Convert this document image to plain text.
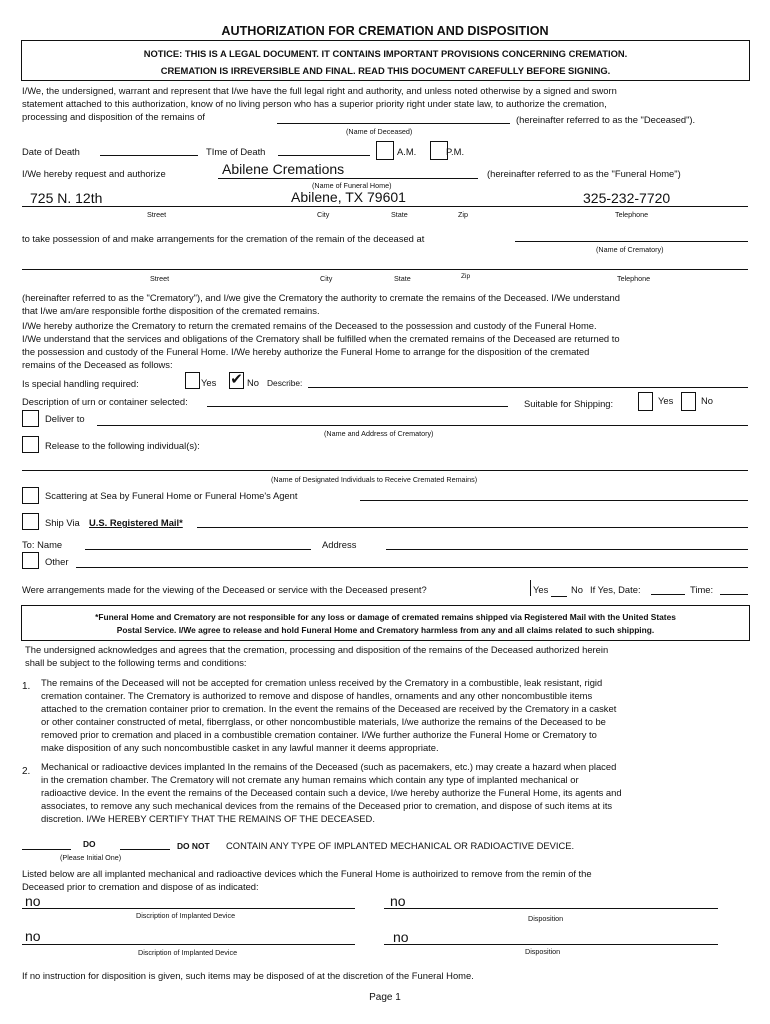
AUTHORIZATION FOR CREMATION AND DISPOSITION
NOTICE: THIS IS A LEGAL DOCUMENT. IT CONTAINS IMPORTANT PROVISIONS CONCERNING CREMATION.
CREMATION IS IRREVERSIBLE AND FINAL. READ THIS DOCUMENT CAREFULLY BEFORE SIGNING.
I/We, the undersigned, warrant and represent that I/we have the full legal right and authority, and unless noted otherwise by a signed and sworn
statement attached to this authorization, know of no living person who has a superior priority right under state law, to authorize the cremation,
processing and disposition of the remains of	(hereinafter referred to as the "Deceased").
(Name of Deceased)
Date of Death	TIme of Death	A.M.	P.M.
I/We hereby request and authorize	Abilene Cremations	(hereinafter referred to as the "Funeral Home")
(Name of Funeral Home)
725 N. 12th	Abilene, TX 79601	325-232-7720
Street	City	State	Zip	Telephone
to take possession of and make arrangements for the cremation of the remain of the deceased at
(Name of Crematory)
Street	City	State	Zip	Telephone
(hereinafter referred to as the "Crematory"), and I/we give the Crematory the authority to cremate the remains of the Deceased. I/We understand
that I/we am/are responsible forthe disposition of the cremated remains.
I/We hereby authorize the Crematory to return the cremated remains of the Deceased to the possession and custody of the Funeral Home.
I/We understand that the services and obligations of the Crematory shall be fulfilled when the cremated remains of the Deceased are returned to
the possession and custody of the Funeral Home. I/We hereby authorize the Funeral Home to arrange for the disposition of the cremated
remains of the Deceased as follows:
Is special handling required:	Yes ✔ No Describe:
Description of urn or container selected:	Suitable for Shipping:	Yes	No
Deliver to
(Name and Address of Crematory)
Release to the following individual(s):
(Name of Designated Individuals to Receive Cremated Remains)
Scattering at Sea by Funeral Home or Funeral Home's Agent
Ship Via U.S. Registered Mail*
To: Name	Address
Other
Were arrangements made for the viewing of the Deceased or service with the Deceased present?	Yes No If Yes, Date:	Time:
*Funeral Home and Crematory are not responsible for any loss or damage of cremated remains shipped via Registered Mail with the United States
Postal Service. I/We agree to release and hold Funeral Home and Crematory harmless from any and all claims related to such shipping.
The undersigned acknowledges and agrees that the cremation, processing and disposition of the remains of the Deceased authorized herein
shall be subject to the following terms and conditions:
1. The remains of the Deceased will not be accepted for cremation unless received by the Crematory in a combustible, leak resistant, rigid
cremation container. The Crematory is authorized to remove and dispose of handles, ornaments and any other noncombustible items
attached to the cremation container prior to cremation. In the event the remains of the Deceased are received by the Crematory in a casket
or other container constructed of metal, fiberrglass, or other noncombustible materials, I/we authorize the remains of the Deceased to be
removed prior to cremation and placed in a combustible cremation container. I/We further authorize the Funeral Home or Crematory to
make disposition of any such noncombustible casket in any lawful manner it deems appropriate.
2. Mechanical or radioactive devices implanted In the remains of the Deceased (such as pacemakers, etc.) may create a hazard when placed
in the cremation chamber. The Crematory will not cremate any human remains which contain any type of implanted mechanical or
radioactive device. In the event the remains of the Deceased contain such a device, I/we hereby authorize the Funeral Home, its agents and
associates, to remove any such mechanical devices from the remains of the Deceased prior to cremation, and dispose of such items at its
discretion. I/We HEREBY CERTIFY THAT THE REMAINS OF THE DECEASED.
DO	DO NOT CONTAIN ANY TYPE OF IMPLANTED MECHANICAL OR RADIOACTIVE DEVICE.
(Please Initial One)
Listed below are all implanted mechanical and radioactive devices which the Funeral Home is authoirized to remove from the remin of the
Deceased prior to cremation and dispose of as indicated:
no
Discription of Implanted Device
no
Disposition
no
Discription of Implanted Device
no
Disposition
If no instruction for disposition is given, such items may be disposed of at the discretion of the Funeral Home.
Page 1
